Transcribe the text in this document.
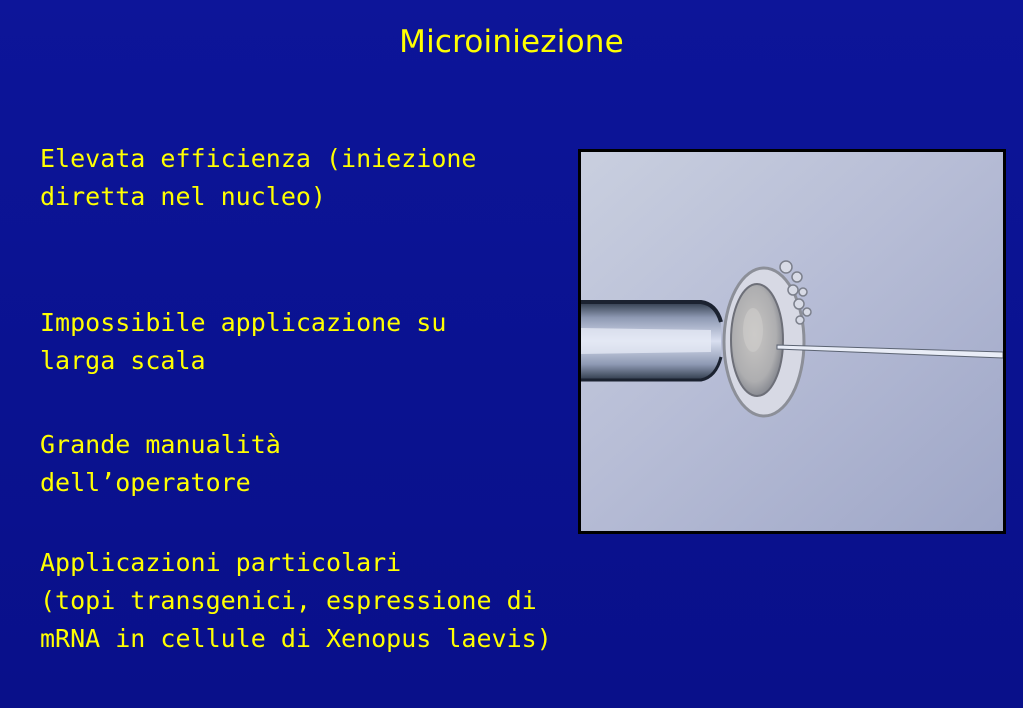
Microiniezione
Elevata efficienza (iniezione
diretta nel nucleo)
Impossibile applicazione su
larga scala
Grande manualità
dell’operatore
Applicazioni particolari
(topi transgenici, espressione di
mRNA in cellule di Xenopus laevis)
